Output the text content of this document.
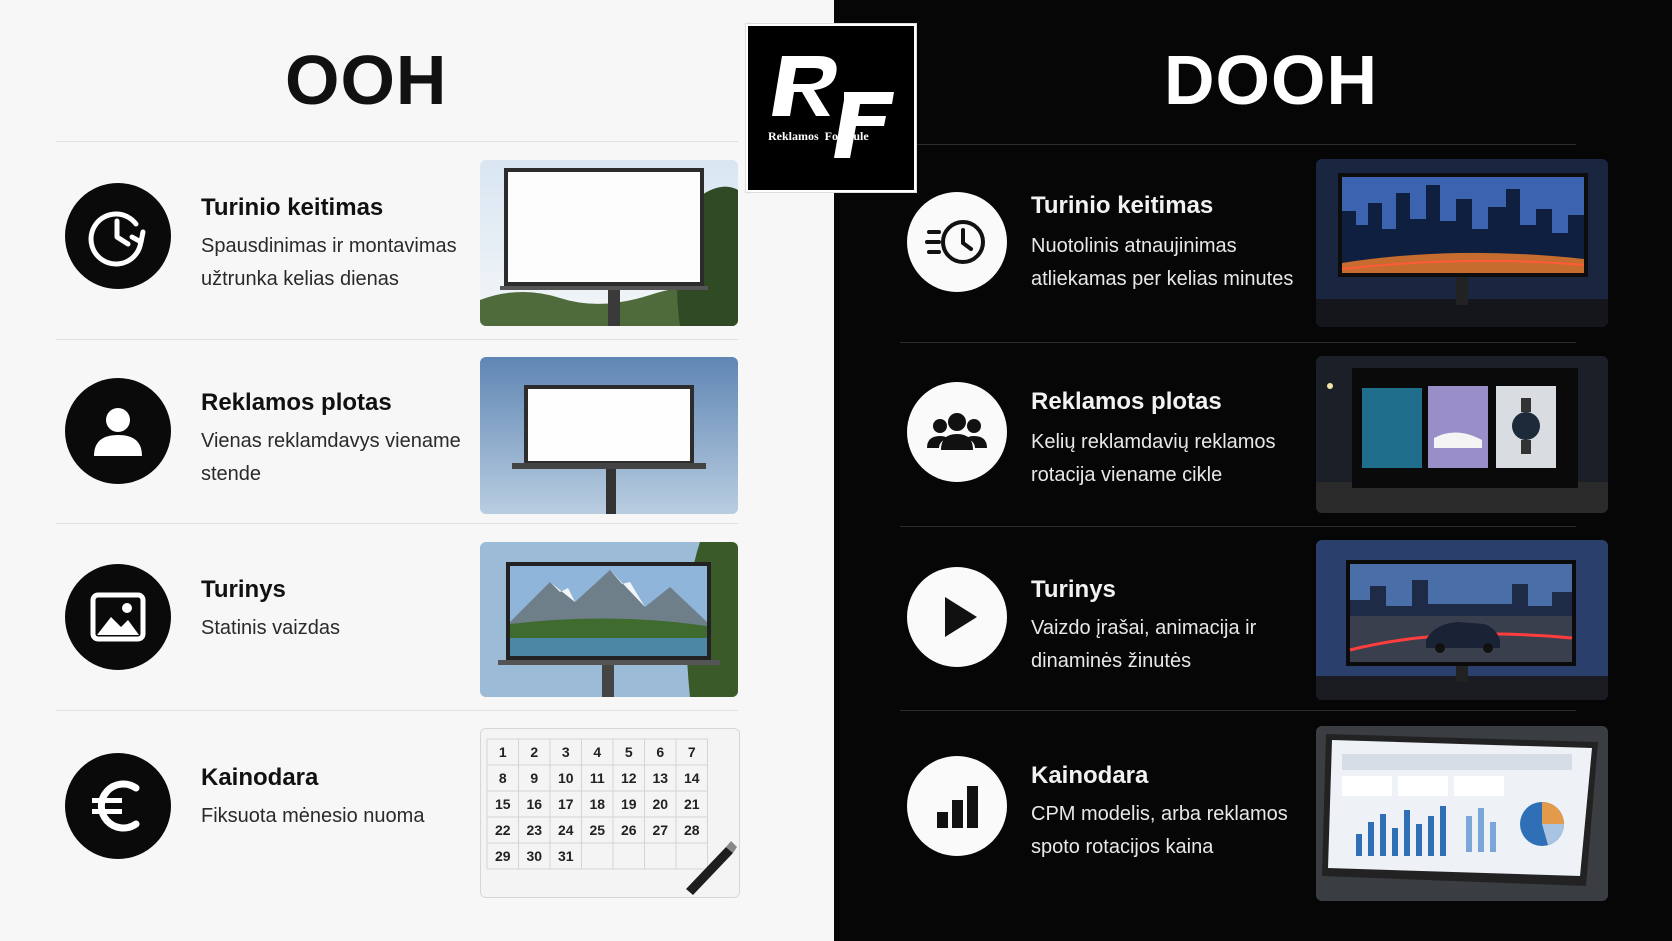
OOH
Turinio keitimas

Spausdinimas ir montavimas užtrunka kelias dienas

Reklamos plotas

Vienas reklamdavys viename stende

Turinys

Statinis vaizdas

Kainodara

Fiksuota mėnesio nuoma

1 2 3 4 5 6 7
8 9 10 11 12 13 14
15 16 17 18 19 20 21
22 23 24 25 26 27 28
29 30 31
DOOH
Turinio keitimas

Nuotolinis atnaujinimas atliekamas per kelias minutes

Reklamos plotas

Kelių reklamdavių reklamos rotacija viename cikle

Turinys

Vaizdo įrašai, animacija ir dinaminės žinutės

Kainodara

CPM modelis, arba reklamos spoto rotacijos kaina

Reklamos Formule
